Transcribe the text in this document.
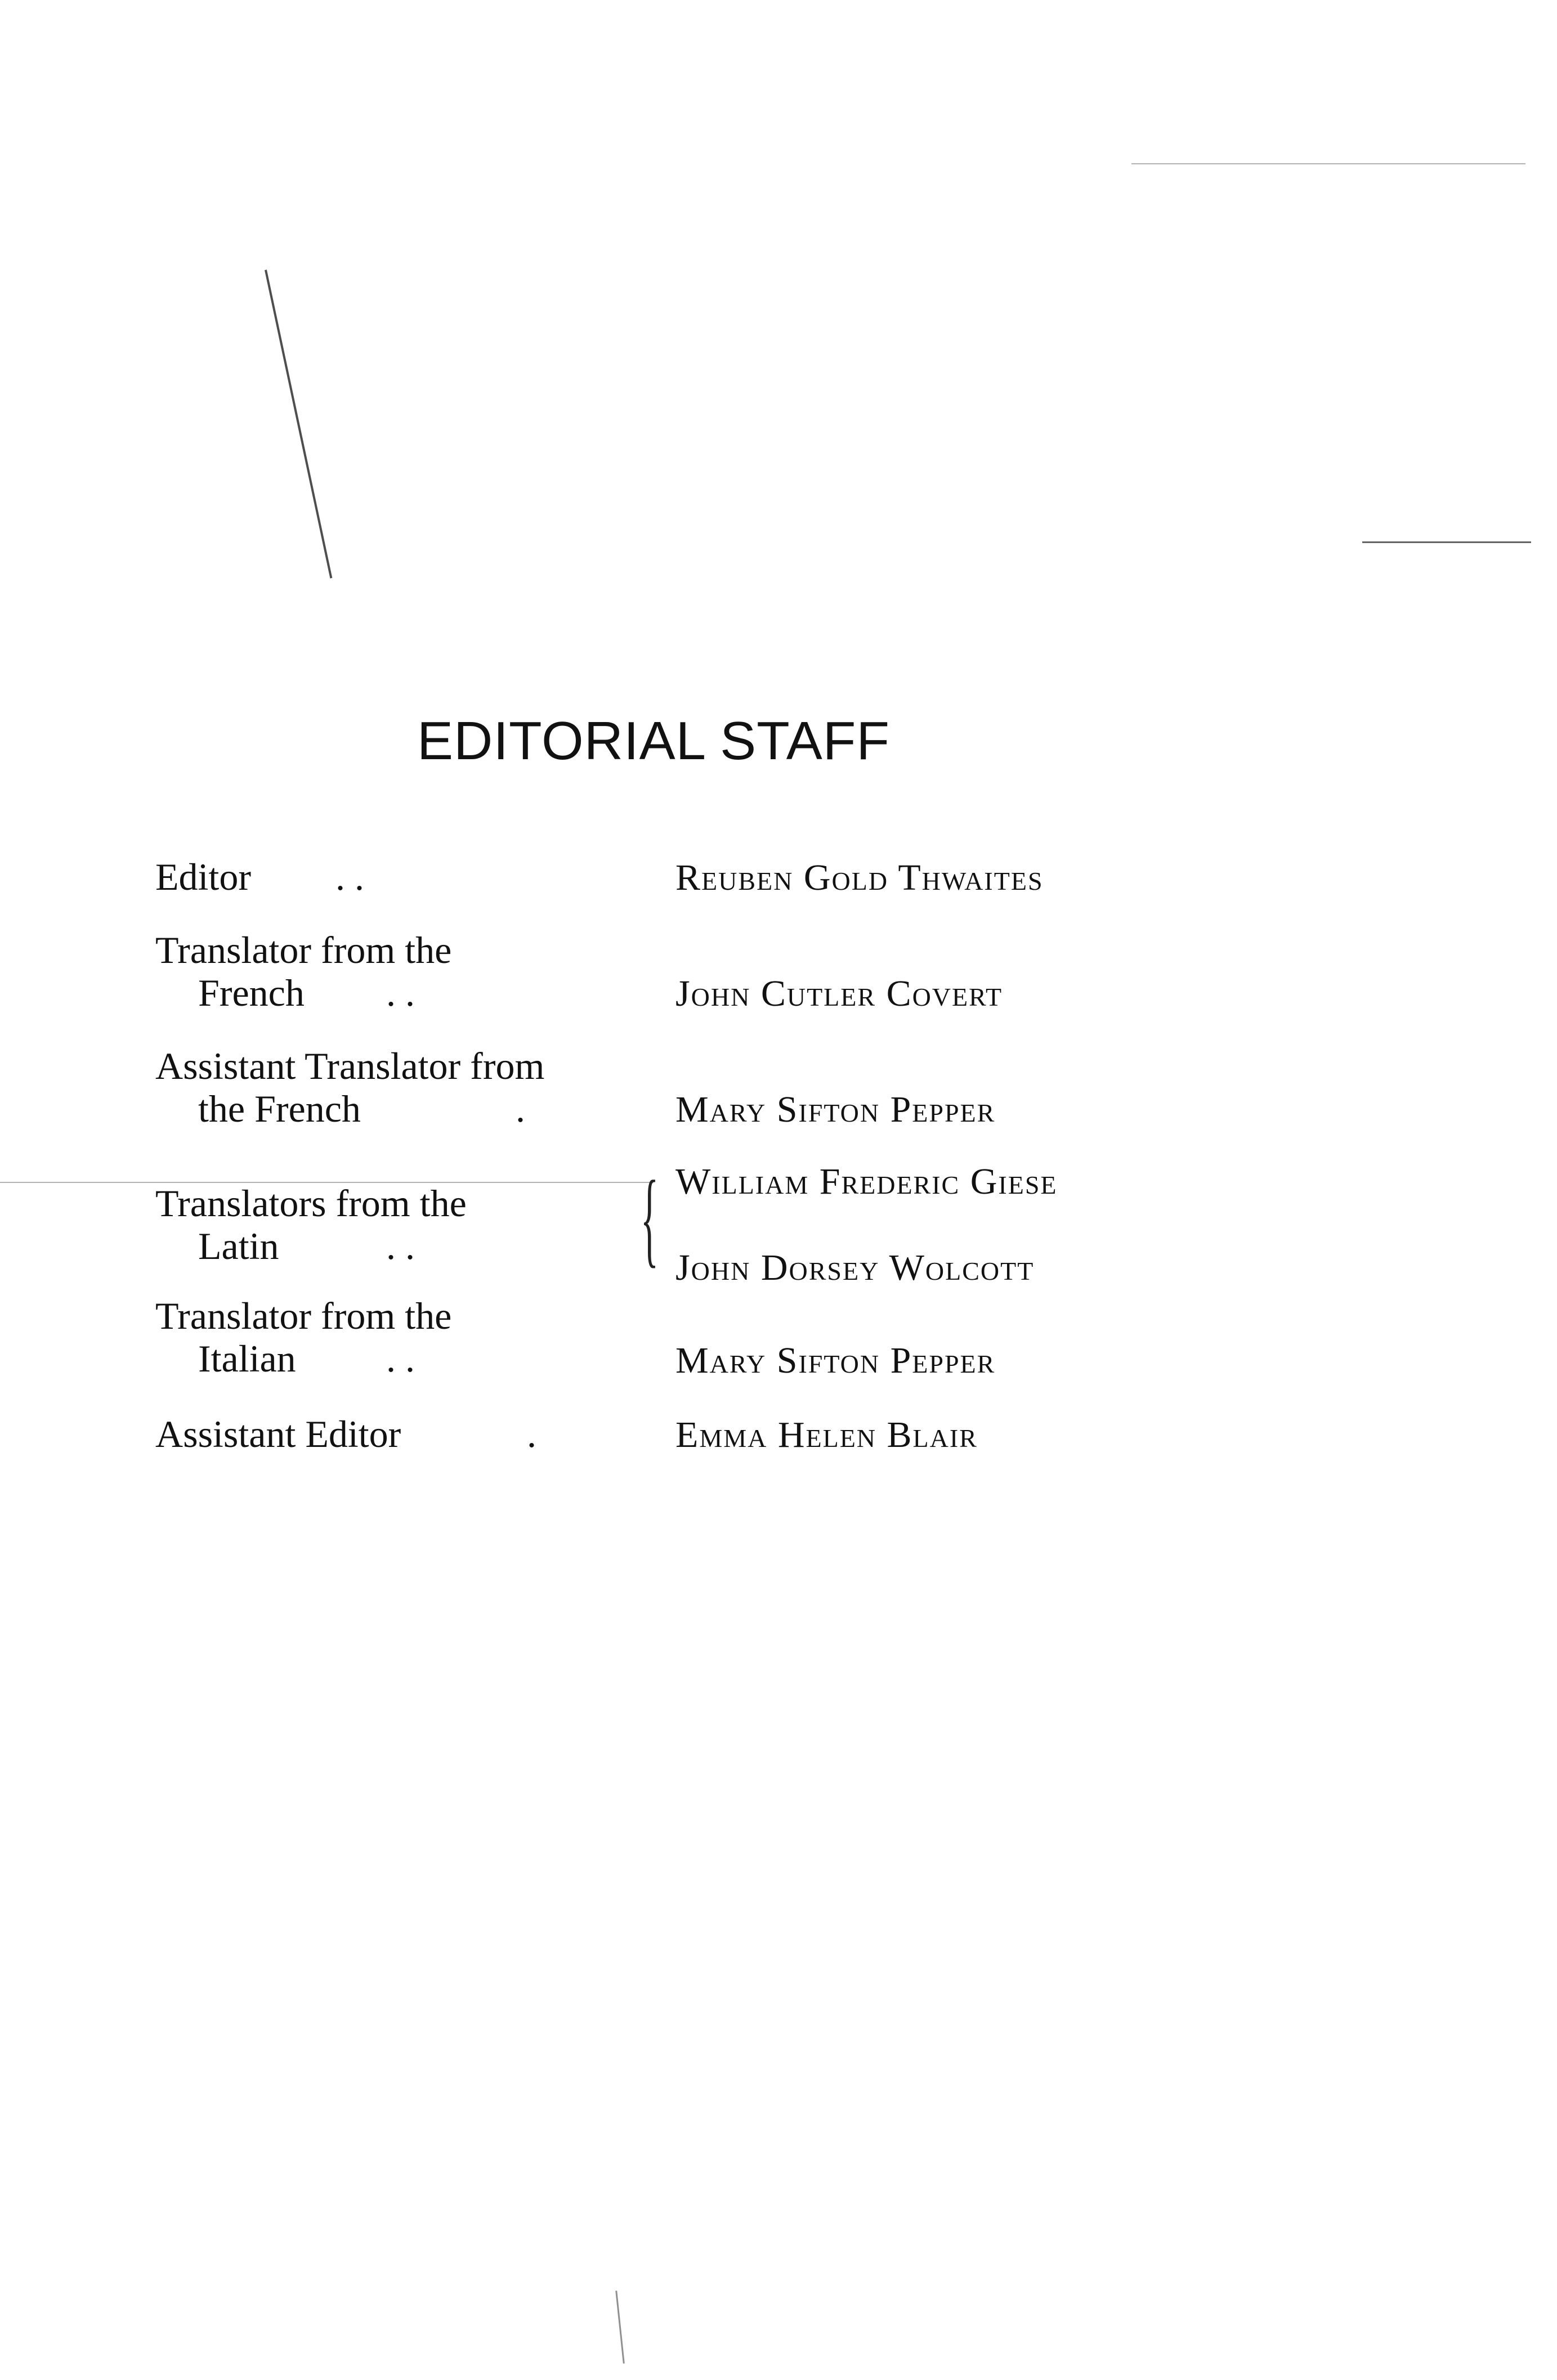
EDITORIAL STAFF
Editor . .	Reuben Gold Thwaites
Translator from the
French . .	John Cutler Covert
Assistant Translator from
the French	.	Mary Sifton Pepper
Translators from the
Latin	. . { William Frederic Giese
John Dorsey Wolcott
Translator from the
Italian . .	Mary Sifton Pepper
Assistant Editor	.	Emma Helen Blair
